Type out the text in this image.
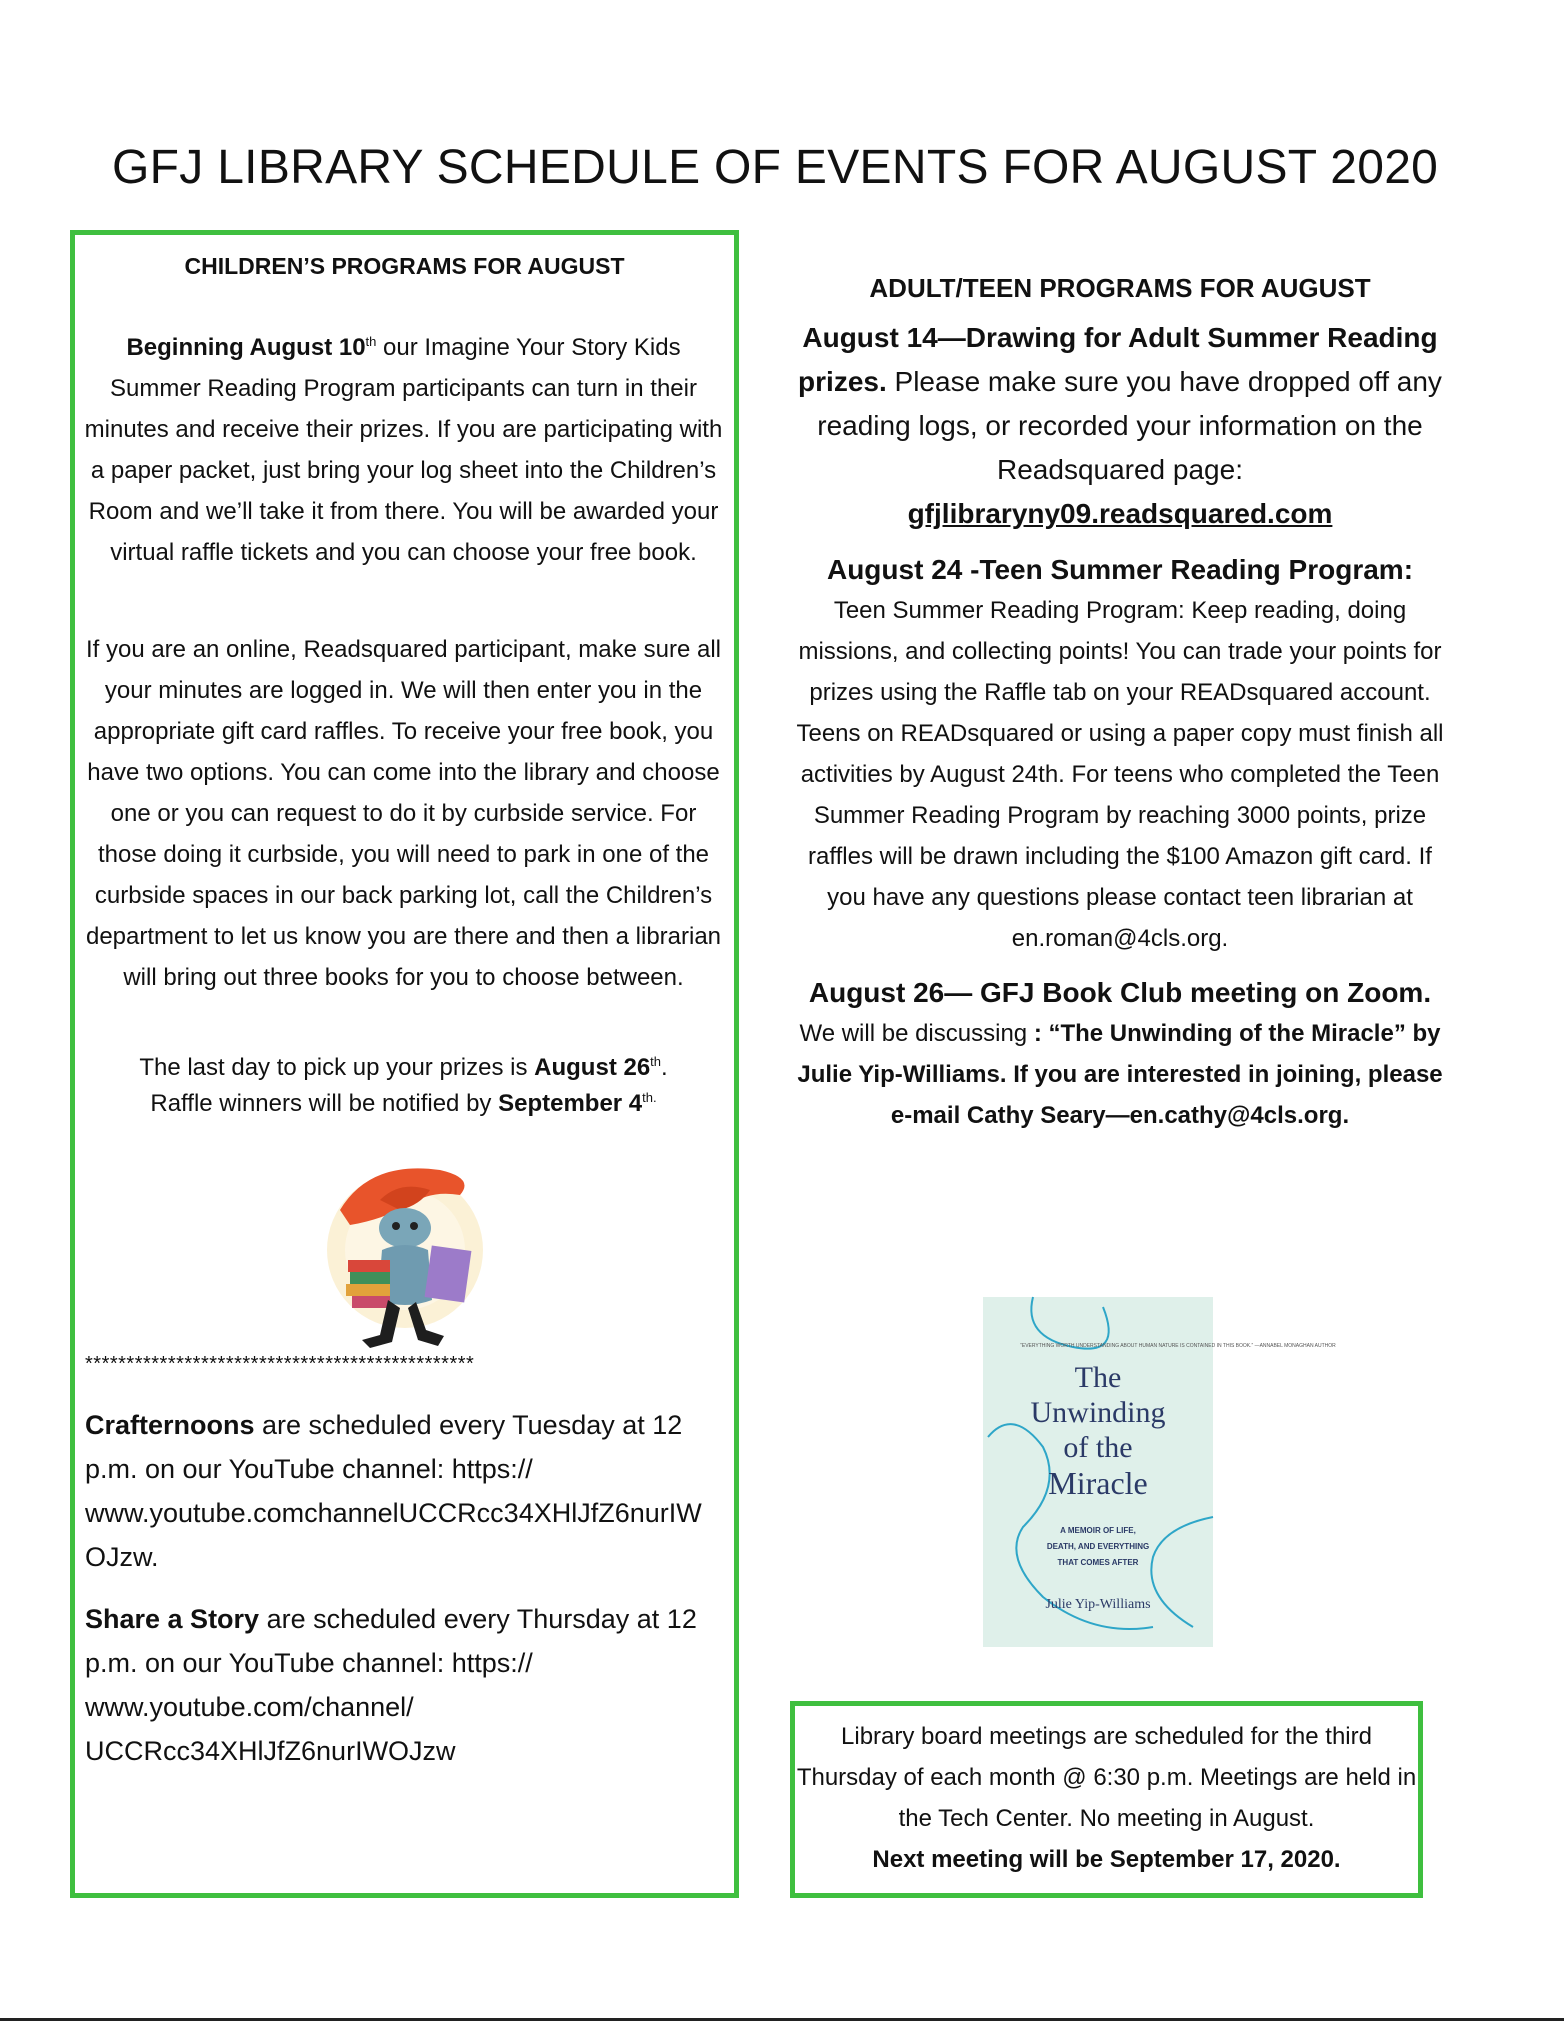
GFJ LIBRARY SCHEDULE OF EVENTS FOR AUGUST 2020
CHILDREN’S PROGRAMS FOR AUGUST
Beginning August 10th our Imagine Your Story Kids Summer Reading Program participants can turn in their minutes and receive their prizes. If you are participating with a paper packet, just bring your log sheet into the Children’s Room and we’ll take it from there. You will be awarded your virtual raffle tickets and you can choose your free book.
If you are an online, Readsquared participant, make sure all your minutes are logged in. We will then enter you in the appropriate gift card raffles. To receive your free book, you have two options. You can come into the library and choose one or you can request to do it by curbside service. For those doing it curbside, you will need to park in one of the curbside spaces in our back parking lot, call the Children’s department to let us know you are there and then a librarian will bring out three books for you to choose between.
The last day to pick up your prizes is August 26th.
Raffle winners will be notified by September $4^{th.}$
***********************************************
Crafternoons are scheduled every Tuesday at 12 p.m. on our YouTube channel: https://​www.youtube.comchannelUCCRcc34XHlJfZ6nurIW​OJzw.
Share a Story are scheduled every Thursday at 12 p.m. on our YouTube channel: https://​www.youtube.com/channel/​UCCRcc34XHlJfZ6nurIWOJzw
ADULT/TEEN PROGRAMS FOR AUGUST
August 14—Drawing for Adult Summer Reading prizes. Please make sure you have dropped off any reading logs, or recorded your information on the Readsquared page:
gfjlibraryny09.readsquared.com
August 24 -Teen Summer Reading Program:
Teen Summer Reading Program: Keep reading, doing missions, and collecting points! You can trade your points for prizes using the Raffle tab on your READsquared account. Teens on READsquared or using a paper copy must finish all activities by August 24th. For teens who completed the Teen Summer Reading Program by reaching 3000 points, prize raffles will be drawn including the $100 Amazon gift card. If you have any questions please contact teen librarian at en.roman@4cls.org.
August 26— GFJ Book Club meeting on Zoom.
We will be discussing : “The Unwinding of the Miracle” by Julie Yip-Williams. If you are interested in joining, please e-mail Cathy Seary—en.cathy@4cls.org.
“EVERYTHING WORTH UNDERSTANDING ABOUT HUMAN NATURE IS CONTAINED IN THIS BOOK.” —ANNABEL MONAGHAN AUTHOR
The
Unwinding
of the
Miracle
A MEMOIR OF LIFE,
DEATH, AND EVERYTHING
THAT COMES AFTER
Julie Yip-Williams
Library board meetings are scheduled for the third Thursday of each month @ 6:30 p.m. Meetings are held in the Tech Center. No meeting in August.
Next meeting will be September 17, 2020.
